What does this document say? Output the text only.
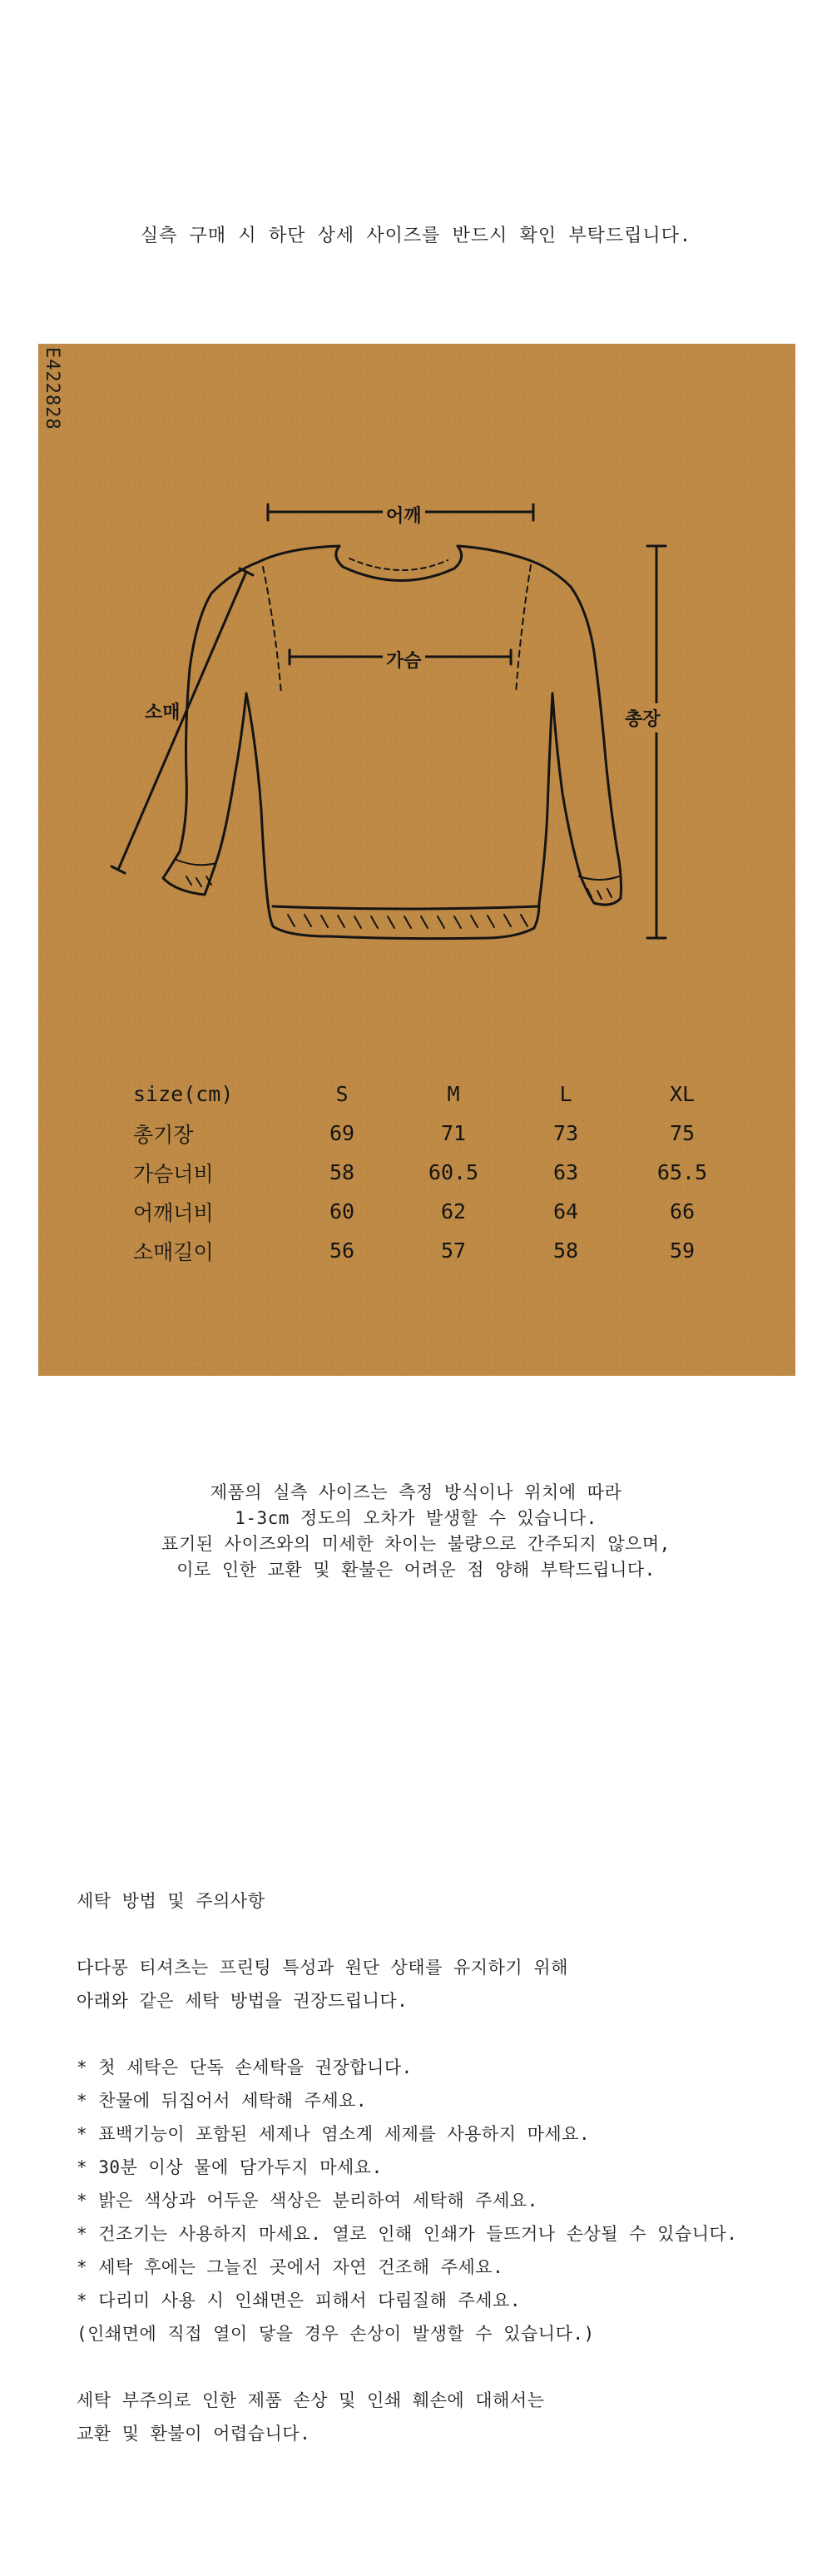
실측 구매 시 하단 상세 사이즈를 반드시 확인 부탁드립니다.
E422828
어깨
가슴
소매	총장
size(cm)	S	M	L	XL
총기장	69	71	73	75
가슴너비	58	60.5	63	65.5
어깨너비	60	62	64	66
소매길이	56	57	58	59
제품의 실측 사이즈는 측정 방식이나 위치에 따라
1-3cm 정도의 오차가 발생할 수 있습니다.
표기된 사이즈와의 미세한 차이는 불량으로 간주되지 않으며,
이로 인한 교환 및 환불은 어려운 점 양해 부탁드립니다.
세탁 방법 및 주의사항
다다몽 티셔츠는 프린팅 특성과 원단 상태를 유지하기 위해
아래와 같은 세탁 방법을 권장드립니다.
* 첫 세탁은 단독 손세탁을 권장합니다.
* 찬물에 뒤집어서 세탁해 주세요.
* 표백기능이 포함된 세제나 염소계 세제를 사용하지 마세요.
* 30분 이상 물에 담가두지 마세요.
* 밝은 색상과 어두운 색상은 분리하여 세탁해 주세요.
* 건조기는 사용하지 마세요. 열로 인해 인쇄가 들뜨거나 손상될 수 있습니다.
* 세탁 후에는 그늘진 곳에서 자연 건조해 주세요.
* 다리미 사용 시 인쇄면은 피해서 다림질해 주세요.
(인쇄면에 직접 열이 닿을 경우 손상이 발생할 수 있습니다.)
세탁 부주의로 인한 제품 손상 및 인쇄 훼손에 대해서는
교환 및 환불이 어렵습니다.
